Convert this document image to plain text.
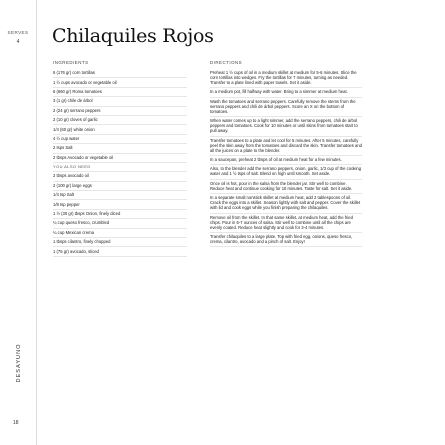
SERVES
4
DESAYUNO
18
Chilaquiles Rojos
INGREDIENTS
6 (176 gr) corn tortillas
1 ½ cups avocado or vegetable oil
6 (660 gr) Roma tomatoes
3 (1 gr) chile de árbol
2 (24 gr) serrano peppers
2 (10 gr) cloves of garlic
1/4 (60 gr) white onion
4 ½ cup water
2 tsps Salt
2 tbsps Avocado or vegetable oil
YOU ALSO NEED
2 tbsps avocado oil
2 (100 gr) large eggs
1/4 tsp Salt
1/8 tsp pepper
1 ½ (30 gr) tbsps Onion, finely diced
¼ cup queso fresco, crumbled
¼ cup Mexican crema
1 tbsps cilantro, finely chopped
1 (75 gr) avocado, sliced
DIRECTIONS
Preheat 1 ½ cups of oil in a medium skillet at medium for 5-6 minutes. Slice the corn tortillas into wedges. Fry the tortillas for 7 minutes, turning as needed. Transfer to a plate lined with paper towels. Set it aside.
In a medium pot, fill halfway with water. Bring to a simmer at medium heat.
Wash the tomatoes and serrano peppers. Carefully remove the stems from the serrano peppers and chili de árbol peppers. Score an X on the bottom of tomatoes.
When water comes up to a light simmer, add the serrano peppers, chili de árbol peppers and tomatoes. Cook for 10 minutes or until skins from tomatoes start to pull away.
Transfer tomatoes to a plate and let cool for 5 minutes. After 5 minutes, carefully peel the skin away from the tomatoes and discard the skin. Transfer tomatoes and all the juices on a plate to the blender.
In a saucepan, preheat 2 tbsps of oil at medium heat for a few minutes.
Also, to the blender add the serrano peppers, onion, garlic, 1/3 cup of the cooking water and 1 ½ tsps of salt. Blend on high until smooth. Set aside.
Once oil is hot, pour in the salsa from the blender jar. Stir well to combine. Reduce heat and continue cooking for 10 minutes. Taste for salt. Set it aside.
In a separate small nonstick skillet at medium heat, add 2 tablespoons of oil. Crack the eggs into a skillet. Season lightly with salt and pepper. Cover the skillet with lid and cook eggs while you finish preparing the chilaquiles.
Remove oil from the skillet. In that same skillet, at medium heat, add the fried chips. Pour in 6-7 ounces of salsa. Stir well to combine until all the chips are evenly coated. Reduce heat slightly and cook for 3-4 minutes.
Transfer chilaquiles to a large plate. Top with fried egg, onions, queso fresco, crema, cilantro, avocado and a pinch of salt. Enjoy!
